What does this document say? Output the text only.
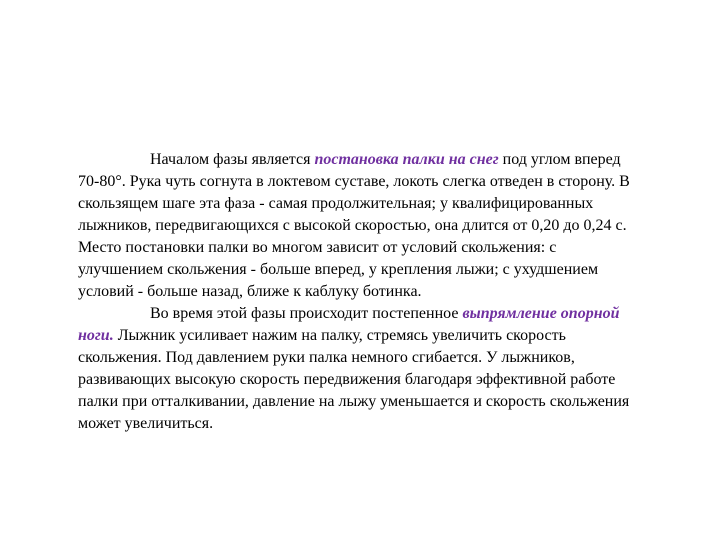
Началом фазы является постановка палки на снег под углом вперед 70-80°. Рука чуть согнута в локтевом суставе, локоть слегка отведен в сторону. В скользящем шаге эта фаза - самая продолжительная; у квалифицированных лыжников, передвигающихся с высокой скоростью, она длится от 0,20 до 0,24 с. Место постановки палки во многом зависит от условий скольжения: с улучшением скольжения - больше вперед, у крепления лыжи; с ухудшением условий - больше назад, ближе к каблуку ботинка.

Во время этой фазы происходит постепенное выпрямление опорной ноги. Лыжник усиливает нажим на палку, стремясь увеличить скорость скольжения. Под давлением руки палка немного сгибается. У лыжников, развивающих высокую скорость передвижения благодаря эффективной работе палки при отталкивании, давление на лыжу уменьшается и скорость скольжения может увеличиться.
